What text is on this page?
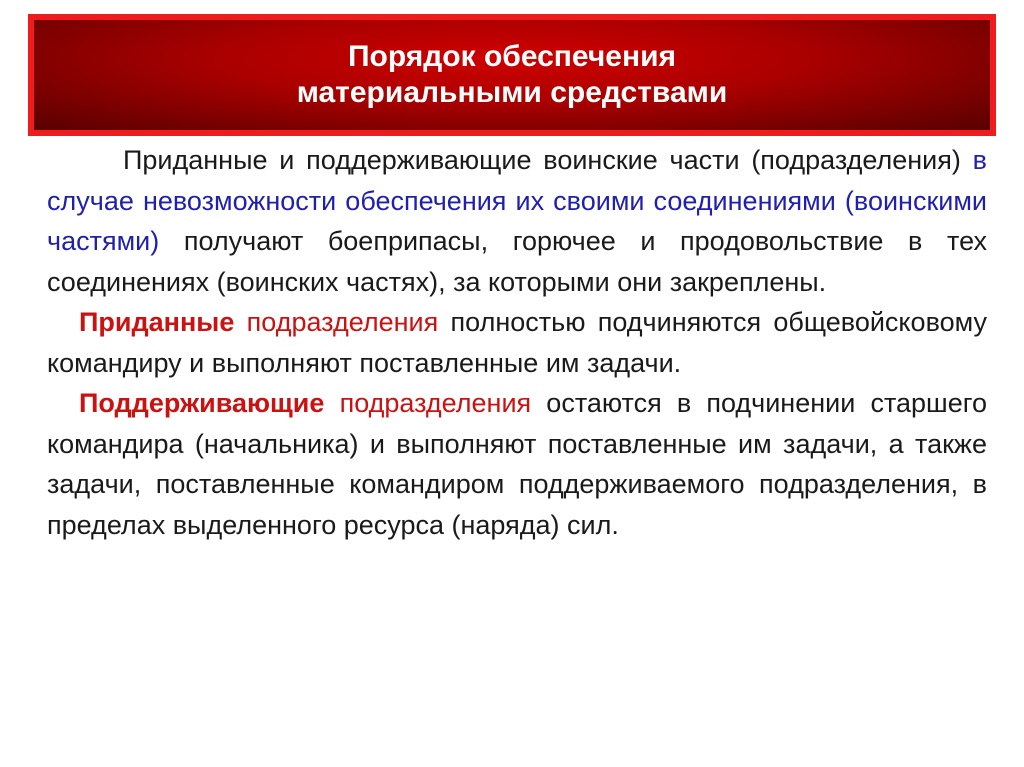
Порядок обеспечения
материальными средствами

Приданные и поддерживающие воинские части (подразделения) в случае невозможности обеспечения их своими соединениями (воинскими частями) получают боеприпасы, горючее и продовольствие в тех соединениях (воинских частях), за которыми они закреплены.

Приданные подразделения полностью подчиняются общевойсковому командиру и выполняют поставленные им задачи.

Поддерживающие подразделения остаются в подчинении старшего командира (начальника) и выполняют поставленные им задачи, а также задачи, поставленные командиром поддерживаемого подразделения, в пределах выделенного ресурса (наряда) сил.
